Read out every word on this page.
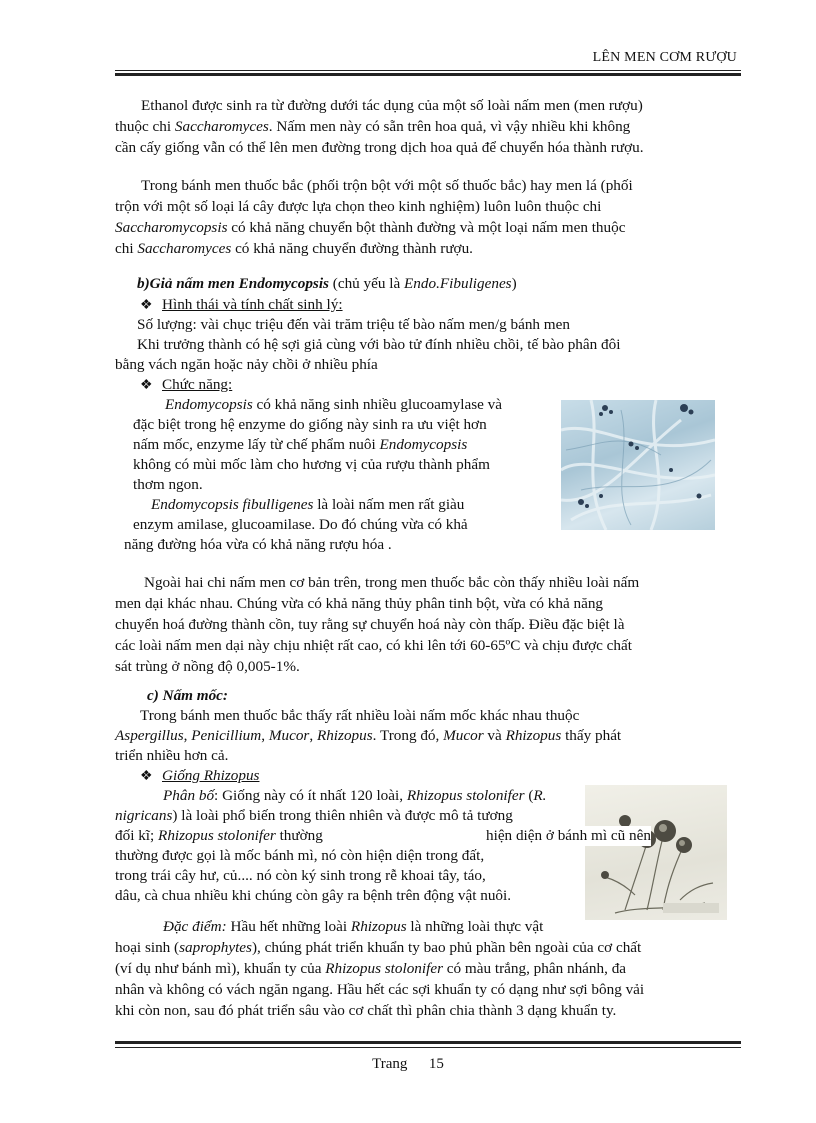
LÊN MEN CƠM RƯỢU
Ethanol được sinh ra từ đường dưới tác dụng của một số loài nấm men (men rượu)
thuộc chi Saccharomyces. Nấm men này có sẵn trên hoa quả, vì vậy nhiều khi không
cần cấy giống vẫn có thể lên men đường trong dịch hoa quả để chuyển hóa thành rượu.
Trong bánh men thuốc bắc (phối trộn bột với một số thuốc bắc) hay men lá (phối
trộn với một số loại lá cây được lựa chọn theo kinh nghiệm) luôn luôn thuộc chi
Saccharomycopsis có khả năng chuyển bột thành đường và một loại nấm men thuộc
chi Saccharomyces có khả năng chuyển đường thành rượu.
b)Giả nấm men Endomycopsis (chủ yếu là Endo.Fibuligenes)
❖ Hình thái và tính chất sinh lý:
Số lượng: vài chục triệu đến vài trăm triệu tế bào nấm men/g bánh men
Khi trưởng thành có hệ sợi giả cùng với bào tử đính nhiều chồi, tế bào phân đôi
bằng vách ngăn hoặc nảy chồi ở nhiều phía
❖ Chức năng:
Endomycopsis có khả năng sinh nhiều glucoamylase và
đặc biệt trong hệ enzyme do giống này sinh ra ưu việt hơn
nấm mốc, enzyme lấy từ chế phẩm nuôi Endomycopsis
không có mùi mốc làm cho hương vị của rượu thành phẩm
thơm ngon.
Endomycopsis fibulligenes là loài nấm men rất giàu
enzym amilase, glucoamilase. Do đó chúng vừa có khả
năng đường hóa vừa có khả năng rượu hóa .
Ngoài hai chi nấm men cơ bản trên, trong men thuốc bắc còn thấy nhiều loài nấm
men dại khác nhau. Chúng vừa có khả năng thủy phân tinh bột, vừa có khả năng
chuyển hoá đường thành cồn, tuy rằng sự chuyển hoá này còn thấp. Điều đặc biệt là
các loài nấm men dại này chịu nhiệt rất cao, có khi lên tới 60-65ºC và chịu được chất
sát trùng ở nồng độ 0,005-1%.
c) Nấm mốc:
Trong bánh men thuốc bắc thấy rất nhiều loài nấm mốc khác nhau thuộc
Aspergillus, Penicillium, Mucor, Rhizopus. Trong đó, Mucor và Rhizopus thấy phát
triển nhiều hơn cả.
❖ Giống Rhizopus
Phân bố: Giống này có ít nhất 120 loài, Rhizopus stolonifer (R.
nigricans) là loài phổ biến trong thiên nhiên và được mô tả tương
đối kĩ; Rhizopus stolonifer thường	hiện diện ở bánh mì cũ nên
thường được gọi là mốc bánh mì, nó còn hiện diện trong đất,
trong trái cây hư, củ.... nó còn ký sinh trong rễ khoai tây, táo,
dâu, cà chua nhiều khi chúng còn gây ra bệnh trên động vật nuôi.
Đặc điểm: Hầu hết những loài Rhizopus là những loài thực vật
hoại sinh (saprophytes), chúng phát triển khuẩn ty bao phủ phần bên ngoài của cơ chất
(ví dụ như bánh mì), khuẩn ty của Rhizopus stolonifer có màu trắng, phân nhánh, đa
nhân và không có vách ngăn ngang. Hầu hết các sợi khuẩn ty có dạng như sợi bông vải
khi còn non, sau đó phát triển sâu vào cơ chất thì phân chia thành 3 dạng khuẩn ty.
Trang 15
